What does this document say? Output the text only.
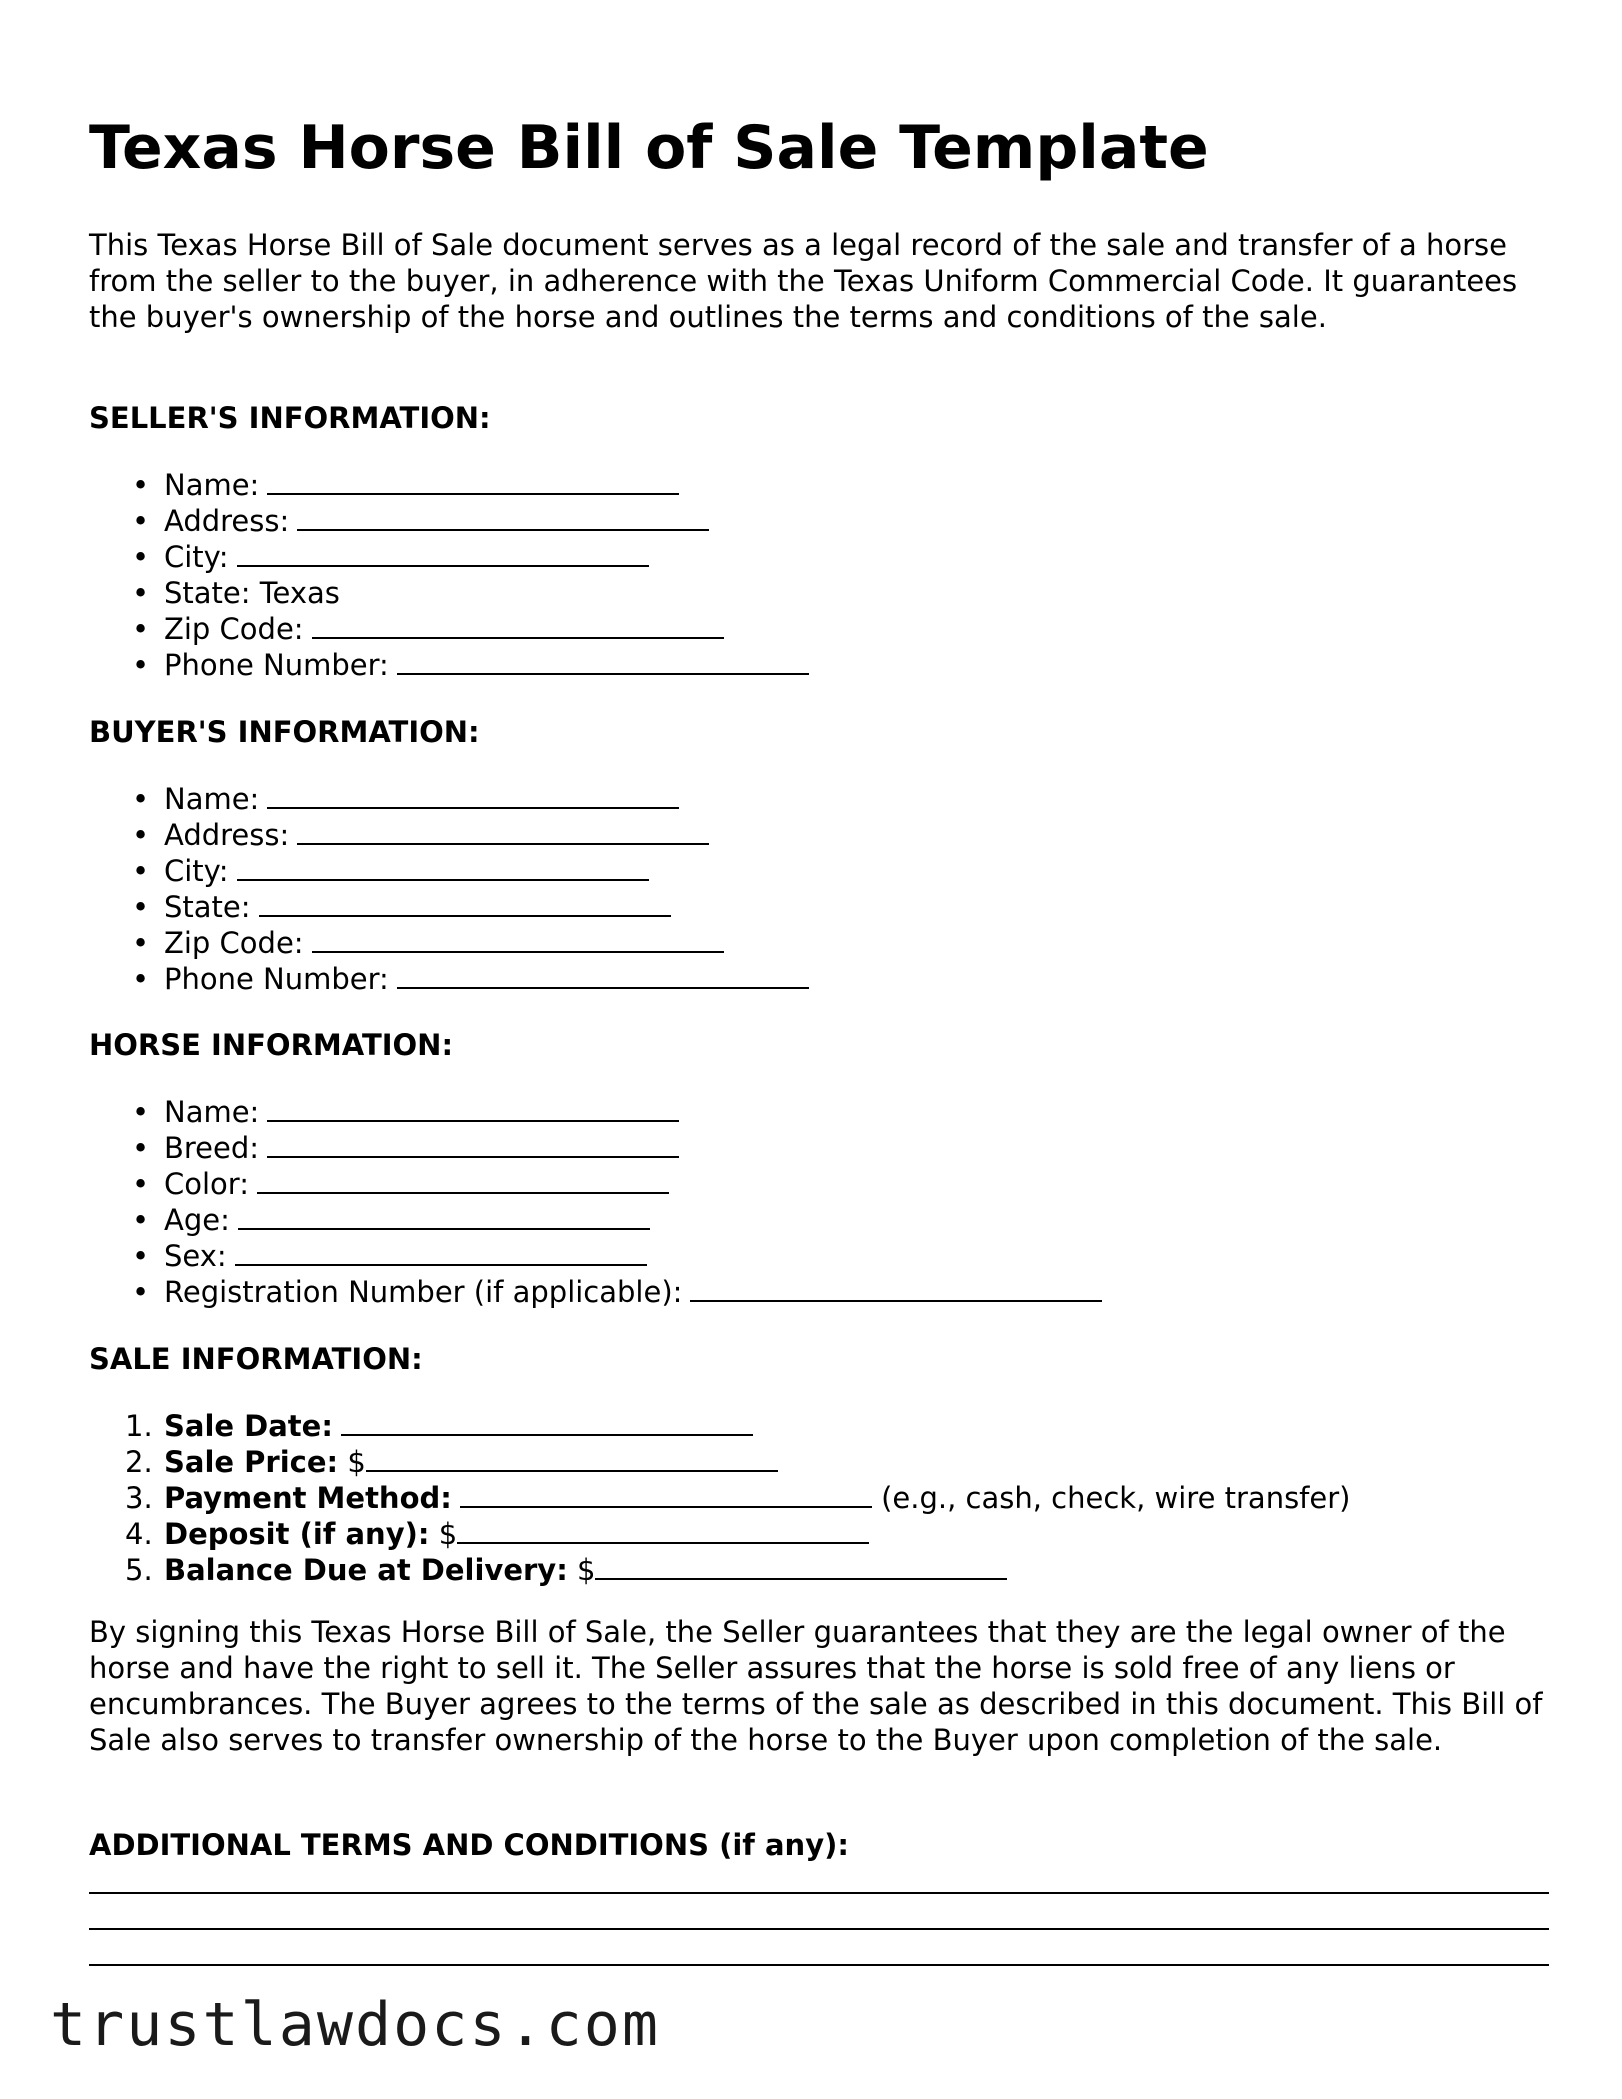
Texas Horse Bill of Sale Template

This Texas Horse Bill of Sale document serves as a legal record of the sale and transfer of a horse from the seller to the buyer, in adherence with the Texas Uniform Commercial Code. It guarantees the buyer's ownership of the horse and outlines the terms and conditions of the sale.

SELLER'S INFORMATION:
• Name:
• Address:
• City:
• State: Texas
• Zip Code:
• Phone Number:
BUYER'S INFORMATION:
• Name:
• Address:
• City:
• State:
• Zip Code:
• Phone Number:
HORSE INFORMATION:
• Name:
• Breed:
• Color:
• Age:
• Sex:
• Registration Number (if applicable):
SALE INFORMATION:
1. Sale Date:
2. Sale Price: $
3. Payment Method:	(e.g., cash, check, wire transfer)
4. Deposit (if any): $
5. Balance Due at Delivery: $

By signing this Texas Horse Bill of Sale, the Seller guarantees that they are the legal owner of the horse and have the right to sell it. The Seller assures that the horse is sold free of any liens or encumbrances. The Buyer agrees to the terms of the sale as described in this document. This Bill of Sale also serves to transfer ownership of the horse to the Buyer upon completion of the sale.

ADDITIONAL TERMS AND CONDITIONS (if any):
trustlawdocs.com
